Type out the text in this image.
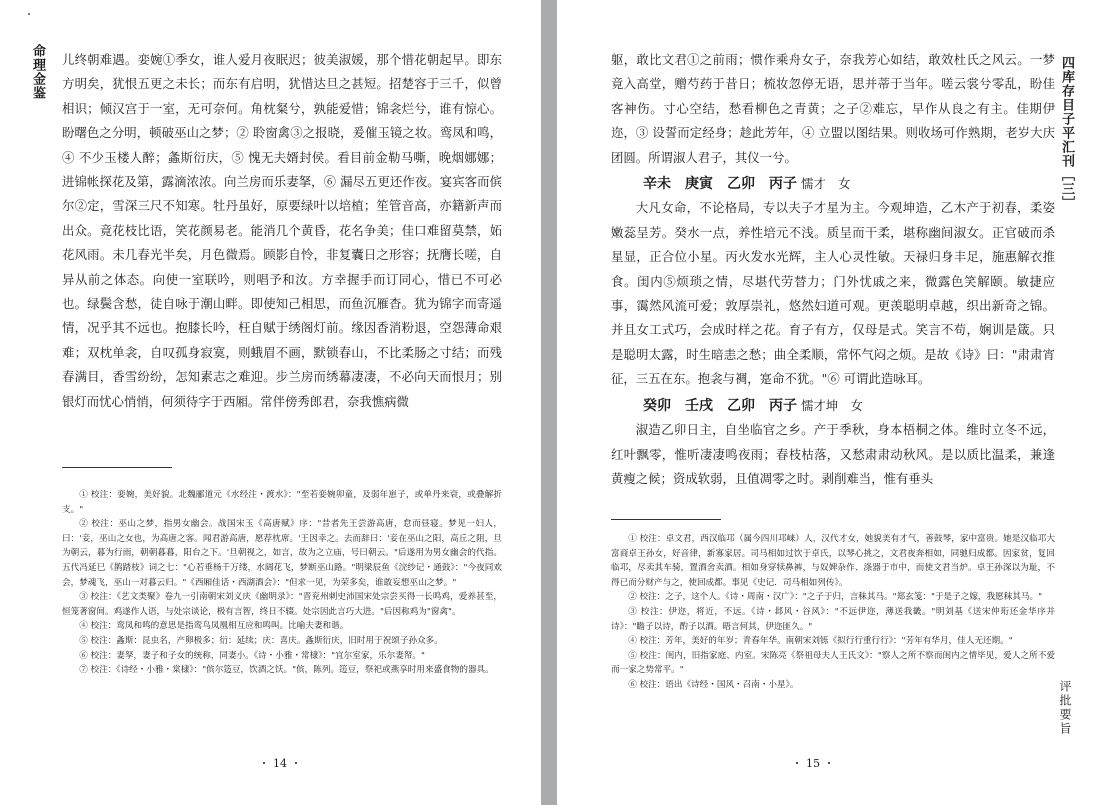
命理金鉴 儿终朝难遇。娈婉①季女，谁人爱月夜眠迟；彼美淑媛，那个惜花朝起早。即东方明矣，犹恨五更之未长；而东有启明，犹惜达旦之甚短。招楚容于三千，似曾相识；倾汉宫于一室，无可奈何。角枕粲兮，孰能爱惜；锦衾烂兮，谁有惊心。盼曙色之分明，顿破巫山之梦；② 聆窗禽③之报晓，爰催玉镜之妆。鸾凤和鸣，④ 不少玉楼人醉；螽斯衍庆，⑤ 愧无夫婿封侯。看目前金勒马嘶，晚烟娜娜；进锦帐探花及第，露滴浓浓。向兰房而乐妻拏，⑥ 漏尽五更还作夜。宴宾客而傧尔②定，雪深三尺不知寒。牡丹虽好，原要绿叶以培植；笙管音高，亦籍新声而出众。竟花枝比语，笑花颜易老。能消几个黄昏，花名争美；佳口难留莫禁，妬花风雨。未几春光半矣，月色微焉。顾影自怜，非复囊日之形容；抚膺长嗟，自异从前之体态。向使一室联吟，则唱予和汝。方幸握手而订同心，惜已不可必也。绿鬓含愁，徒自咏于潮山畔。即使知己相思，而鱼沉雁杳。犹为锦字而寄遥情，况乎其不远也。抱膝长吟，枉自赋于绣阁灯前。缘因香消粉退，空怨薄命艰难；双枕单衾，自叹孤身寂寞，则蛾眉不画，默锁春山，不比柔肠之寸结；而残春满目，香雪纷纷，怎知素志之难迎。步兰房而绣幕凄凄，不必向天而恨月；别银灯而忧心悄悄，何须待字于西厢。常伴傍秀郎君，奈我憔病微

① 校注：娈婉，美好貌。北魏郦道元《水经注・渡水》："至若娈婉卯童，及弱年崽子，或单丹来衰，或叠解折支。"

② 校注：巫山之梦，指男女幽会。战国宋玉《高唐赋》序："昔者先王尝游高唐，怠而昼寝。梦见一妇人，曰：'妾，巫山之女也，为高唐之客。闻君游高唐，愿荐枕席。'王因幸之。去而辞曰：'妾在巫山之阳，高丘之阻，旦为朝云，暮为行雨，朝朝暮暮，阳台之下。'旦朝视之，如言，故为之立庙，号曰朝云。"后遂用为男女幽会的代指。五代冯延巳《鹊踏枝》词之七："心若垂杨千万缕，水阔花飞，梦断巫山路。"明梁辰鱼《浣纱记・通鼓》："今夜同欢会，梦魂飞，巫山一对暮云归。"《西厢佳话・西湖酒会》："但求一见，为荣多矣，谁敢妄想巫山之梦。"

③ 校注：《艺文类聚》卷九一引南朝宋刘义庆《幽明录》："晋兖州刺史沛国宋处宗尝买得一长鸣鸡，爱养甚至，恒笼著窗间。鸡遂作人语，与处宗谈论，极有言智，终日不辍。处宗因此言巧大进。"后因称鸡为"窗禽"。

④ 校注：鸾凤和鸣的意思是指鸾鸟凤凰相互应和鸣叫。比喻夫妻和谐。

⑤ 校注：螽斯：昆虫名，产卵极多；衍：延续；庆：喜庆。螽斯衍庆，旧时用于祝颂子孙众多。

⑥ 校注：妻孥，妻子和子女的统称，同妻小。《诗・小雅・常棣》："宜尔室家，乐尔妻帑。"

⑦ 校注：《诗经・小雅・棠棣》："傧尔笾豆，饮酒之饫。"傧，陈列。笾豆，祭祀或燕享时用来盛食物的器具。

・ 14 ・
四库存目子平汇刊［三］
评批要旨
・ 15 ・

躯，敢比文君①之前雨；惯作乘舟女子，奈我芳心如结，敢效杜氏之风云。一梦竟入高堂，赠芍药于昔日；梳妆忽停无语，思并蒂于当年。嗟云裳兮零乱，盼佳客神伤。寸心空结，愁看柳色之青黄；之子②难忘，早作从良之有主。佳期伊迩，③ 设誓而定经身；趁此芳年，④ 立盟以图结果。则收场可作熟期，老岁大庆团圆。所谓淑人君子，其仪一兮。

辛未　庚寅　乙卯　丙子 懦才　女

大凡女命，不论格局，专以夫子才星为主。今观坤造，乙木产于初春，柔姿嫩蕊呈芳。癸水一点，养性培元不浅。质呈而干柔，堪称幽间淑女。正官破而杀星显，正合位小星。丙火发水光辉，主人心灵性敏。天禄归身丰足，施惠解衣推食。闺内⑤烦琐之情，尽堪代劳替力；门外忧戚之来，微露色笑解颐。敏捷应事，霭然风流可爱；敦厚崇礼，悠然妇道可观。更羡聪明卓越，织出新奇之锦。并且女工式巧，会成时样之花。育子有方，仅母是式。笑言不苟，娴训是箴。只是聪明太露，时生暗恚之愁；曲全柔顺，常怀气闷之烦。是故《诗》曰："肃肃宵征，三五在东。抱衾与裯，寔命不犹。"⑥ 可谓此造咏耳。

癸卯　壬戌　乙卯　丙子 懦才坤　女

淑造乙卯日主，自坐临官之乡。产于季秋，身本梧桐之体。维时立冬不远，红叶飘零，惟听凄凄鸣夜雨；春枝枯落，又愁肃肃动秋风。是以质比温柔，兼逢黄瘦之候；资成软弱，且值凋零之时。剥削难当，惟有垂头

① 校注：卓文君，西汉临邛（属今四川邛崃）人，汉代才女，她貌美有才气，善鼓琴，家中富贵。她是汉临邛大富商卓王孙女，好音律，新寡家居。司马相如过饮于卓氏，以琴心挑之，文君夜奔相如，同驰归成都。因家贫，复回临邛，尽卖其车骑，置酒舍卖酒。相如身穿犊鼻裤，与奴婢杂作、涤器于市中，而使文君当炉。卓王孙深以为耻，不得已而分财产与之，使回成都。事见《史记．司马相如列传》。

② 校注：之子，这个人。《诗・周南・汉广》："之子于归，言秣其马。"郑玄笺："于是子之嫁，我愿秣其马。"

③ 校注：伊迩，将近，不远。《诗・邶风・谷风》："不远伊迩，薄送我畿。"明刘基《送宋仲珩还金华序并诗》："瞻子以诗，酌子以酒。晤言何其，伊迩匪久。"

④ 校注：芳年，美好的年岁；青春年华。南朝宋刘铄《拟行行重行行》："芳年有华月，佳人无还期。"

⑤ 校注：闺内，旧指家庭、内室。宋陈亮《祭祖母夫人王氏文》："察人之所不察而闺内之情毕见，爱人之所不爱而一家之势常平。"

⑥ 校注：语出《诗经・国风・召南・小星》。
